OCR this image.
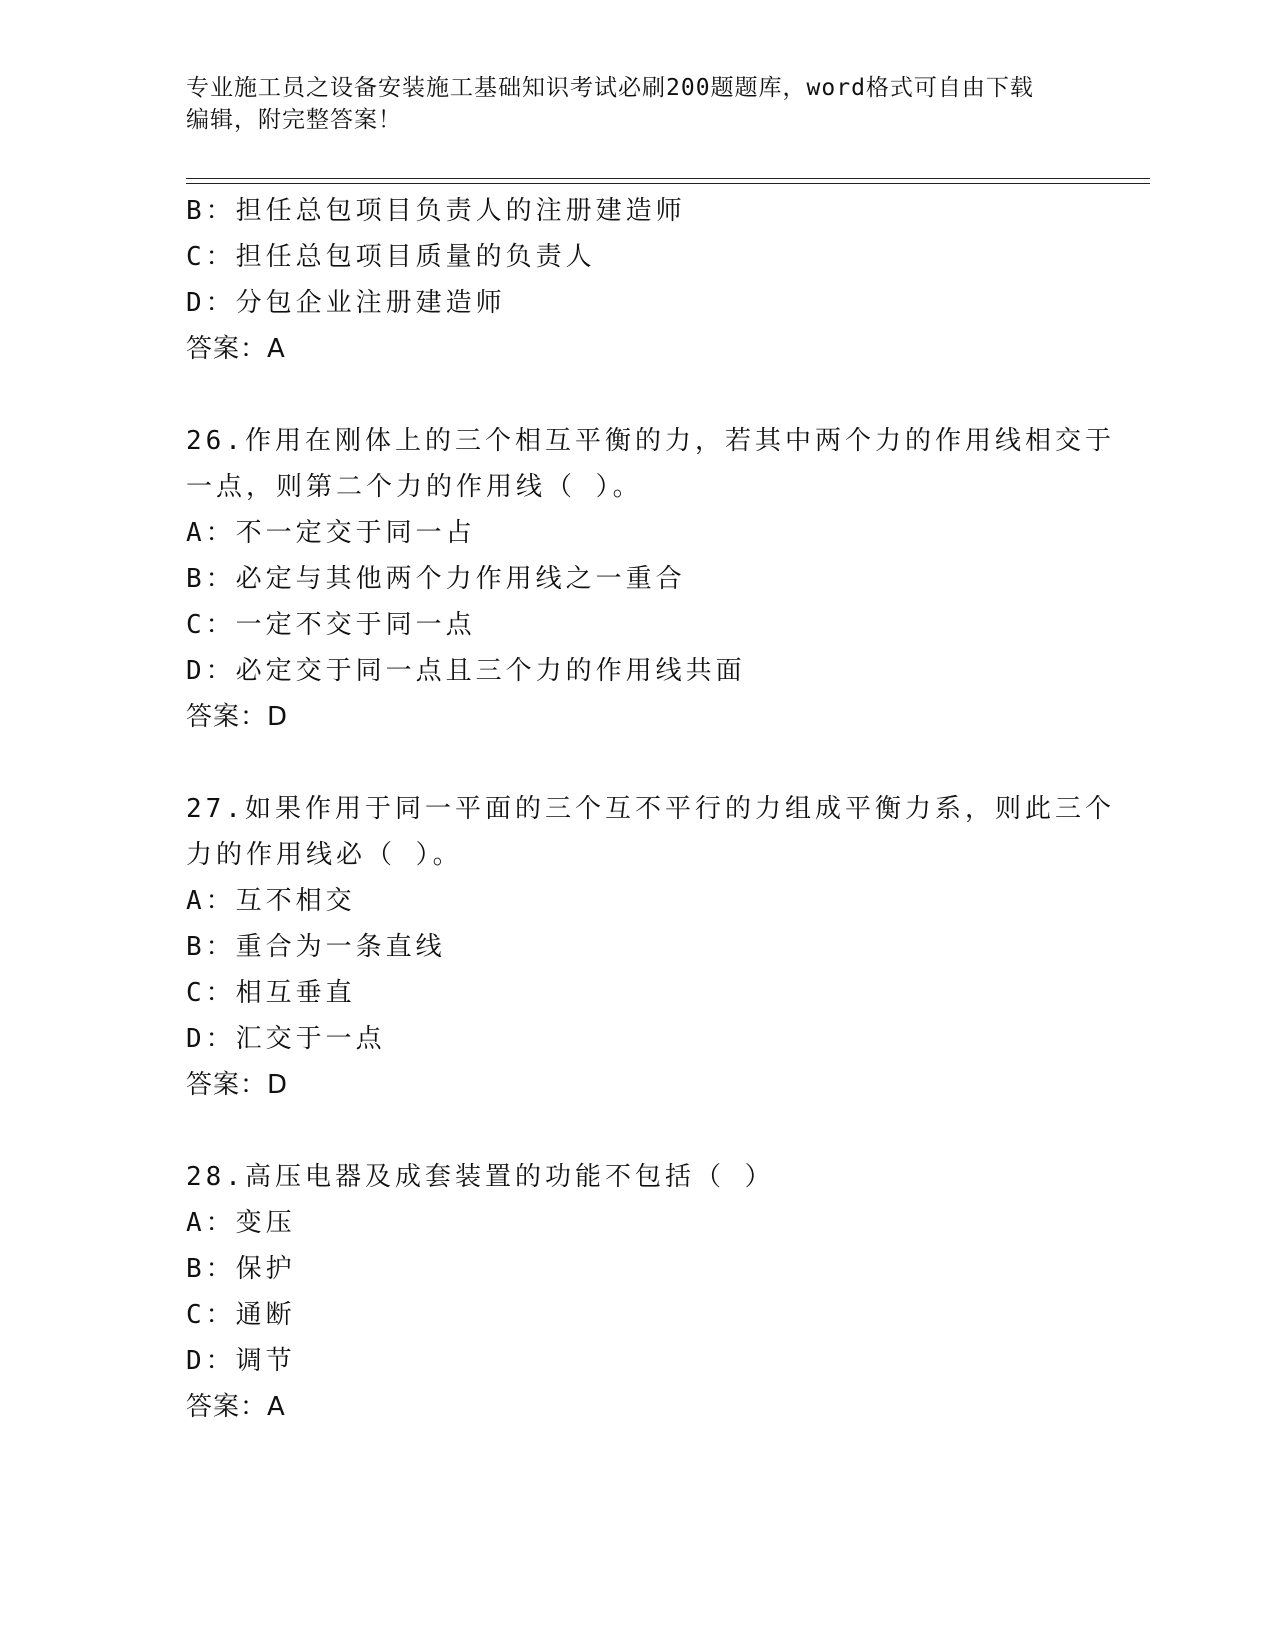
专业施工员之设备安装施工基础知识考试必刷200题题库，word格式可自由下载
编辑，附完整答案！
B：担任总包项目负责人的注册建造师
C：担任总包项目质量的负责人
D：分包企业注册建造师
答案：A
26.作用在刚体上的三个相互平衡的力，若其中两个力的作用线相交于
一点，则第二个力的作用线（ ）。
A：不一定交于同一占
B：必定与其他两个力作用线之一重合
C：一定不交于同一点
D：必定交于同一点且三个力的作用线共面
答案：D
27.如果作用于同一平面的三个互不平行的力组成平衡力系，则此三个
力的作用线必（ ）。
A：互不相交
B：重合为一条直线
C：相互垂直
D：汇交于一点
答案：D
28.高压电器及成套装置的功能不包括（ ）
A：变压
B：保护
C：通断
D：调节
答案：A
